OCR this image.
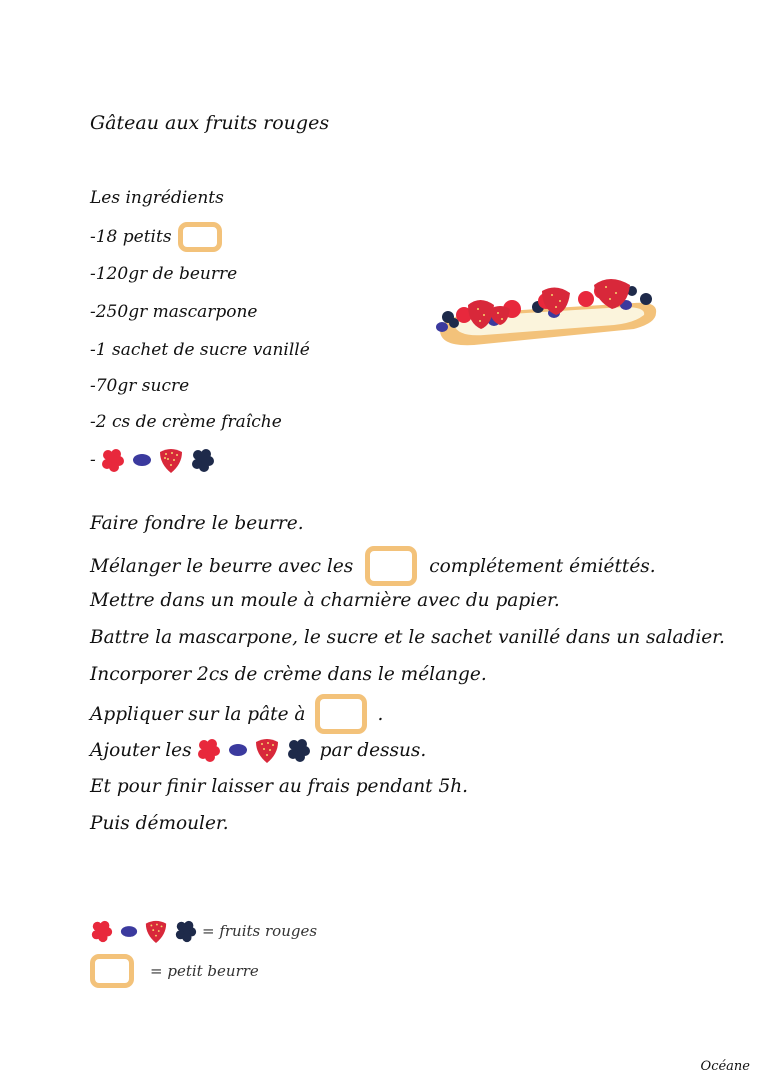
Gâteau aux fruits rouges
Les ingrédients
-18 petits
-120gr de beurre
-250gr mascarpone
-1 sachet de sucre vanillé
-70gr sucre
-2 cs de crème fraîche
-
Faire fondre le beurre.
Mélanger le beurre avec les	complétement émiéttés.
Mettre dans un moule à charnière avec du papier.
Battre la mascarpone, le sucre et le sachet vanillé dans un saladier.
Incorporer 2cs de crème dans le mélange.
Appliquer sur la pâte à	.
Ajouter les	par dessus.
Et pour finir laisser au frais pendant 5h.
Puis démouler.
= fruits rouges
= petit beurre
Océane
